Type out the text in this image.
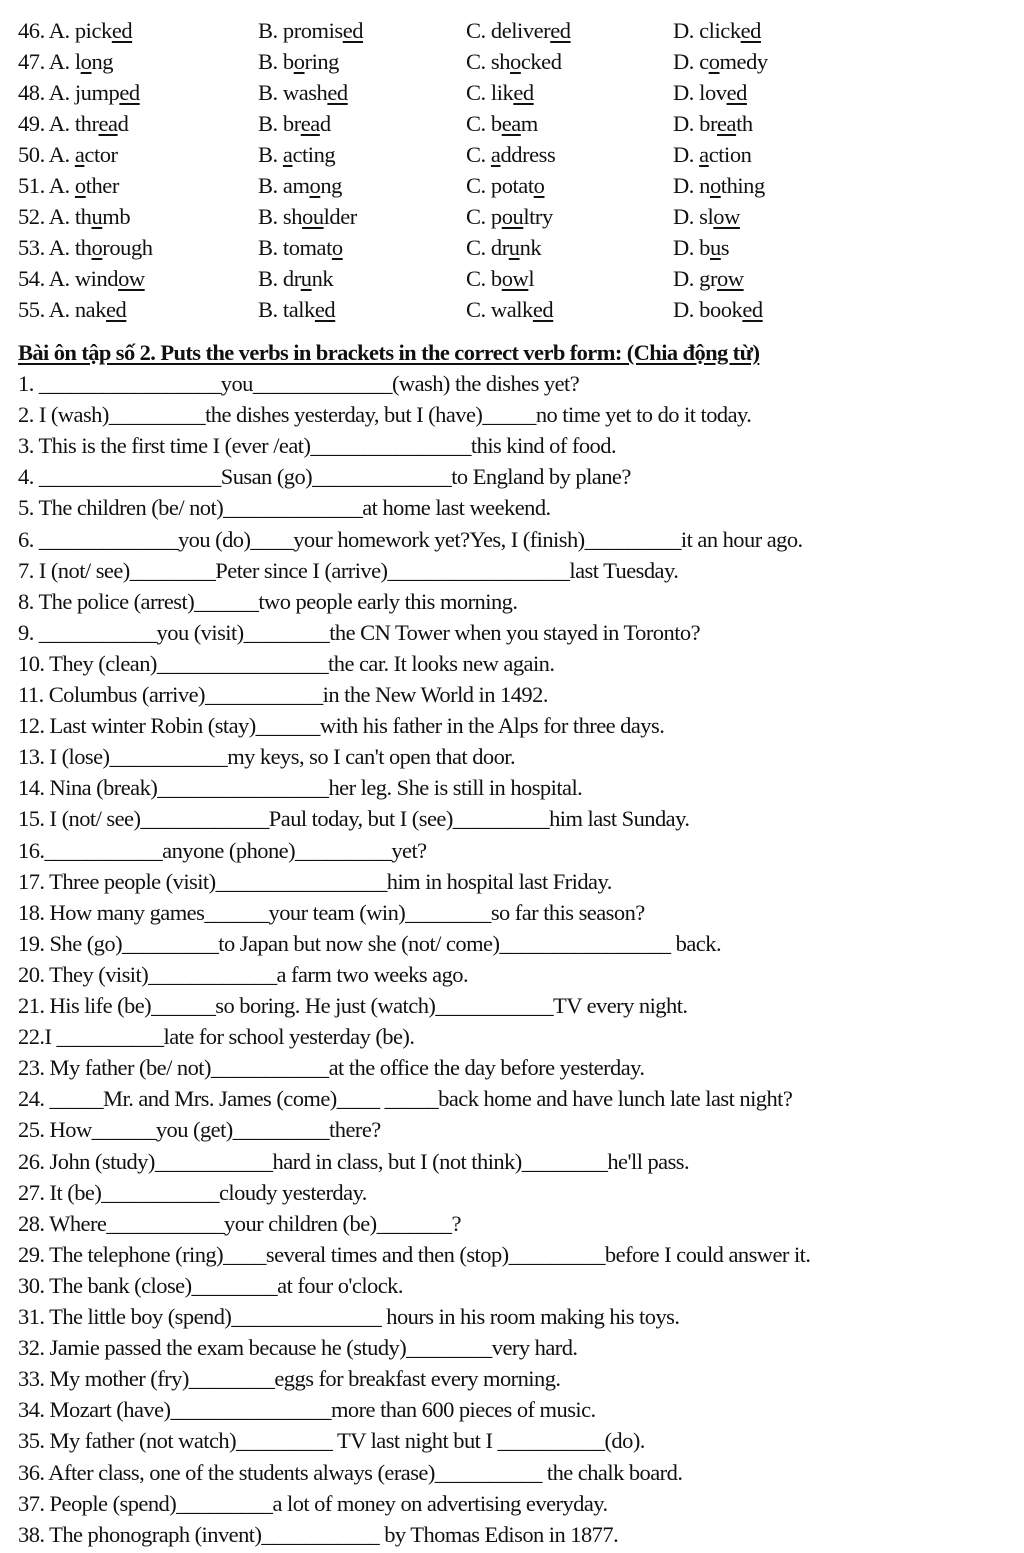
46. A. picked	B. promised	C. delivered	D. clicked
47. A. long	B. boring	C. shocked	D. comedy
48. A. jumped	B. washed	C. liked	D. loved
49. A. thread	B. bread	C. beam	D. breath
50. A. actor	B. acting	C. address	D. action
51. A. other	B. among	C. potato	D. nothing
52. A. thumb	B. shoulder	C. poultry	D. slow
53. A. thorough	B. tomato	C. drunk	D. bus
54. A. window	B. drunk	C. bowl	D. grow
55. A. naked	B. talked	C. walked	D. booked
Bài ôn tập số 2. Puts the verbs in brackets in the correct verb form: (Chia động từ)
1. _________________you_____________(wash) the dishes yet?
2. I (wash)_________the dishes yesterday, but I (have)_____no time yet to do it today.
3. This is the first time I (ever /eat)_______________this kind of food.
4. _________________Susan (go)_____________to England by plane?
5. The children (be/ not)_____________at home last weekend.
6. _____________you (do)____your homework yet?Yes, I (finish)_________it an hour ago.
7. I (not/ see)________Peter since I (arrive)_________________last Tuesday.
8. The police (arrest)______two people early this morning.
9. ___________you (visit)________the CN Tower when you stayed in Toronto?
10. They (clean)________________the car. It looks new again.
11. Columbus (arrive)___________in the New World in 1492.
12. Last winter Robin (stay)______with his father in the Alps for three days.
13. I (lose)___________my keys, so I can't open that door.
14. Nina (break)________________her leg. She is still in hospital.
15. I (not/ see)____________Paul today, but I (see)_________him last Sunday.
16.___________anyone (phone)_________yet?
17. Three people (visit)________________him in hospital last Friday.
18. How many games______your team (win)________so far this season?
19. She (go)_________to Japan but now she (not/ come)________________ back.
20. They (visit)____________a farm two weeks ago.
21. His life (be)______so boring. He just (watch)___________TV every night.
22.I __________late for school yesterday (be).
23. My father (be/ not)___________at the office the day before yesterday.
24. _____Mr. and Mrs. James (come)____ _____back home and have lunch late last night?
25. How______you (get)_________there?
26. John (study)___________hard in class, but I (not think)________he'll pass.
27. It (be)___________cloudy yesterday.
28. Where___________your children (be)_______?
29. The telephone (ring)____several times and then (stop)_________before I could answer it.
30. The bank (close)________at four o'clock.
31. The little boy (spend)______________ hours in his room making his toys.
32. Jamie passed the exam because he (study)________very hard.
33. My mother (fry)________eggs for breakfast every morning.
34. Mozart (have)_______________more than 600 pieces of music.
35. My father (not watch)_________ TV last night but I __________(do).
36. After class, one of the students always (erase)__________ the chalk board.
37. People (spend)_________a lot of money on advertising everyday.
38. The phonograph (invent)___________ by Thomas Edison in 1877.
